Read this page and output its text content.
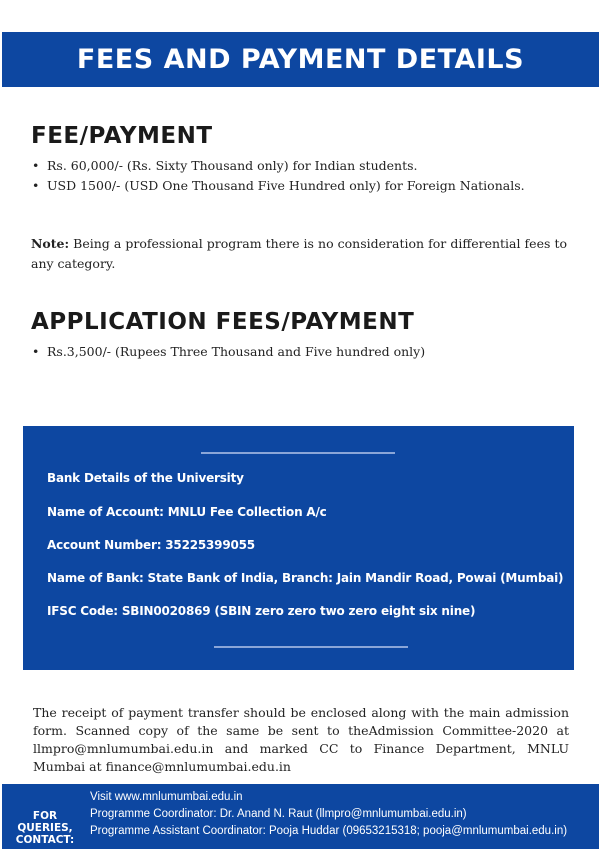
FEES AND PAYMENT DETAILS
FEE/PAYMENT
• Rs. 60,000/- (Rs. Sixty Thousand only) for Indian students.
• USD 1500/- (USD One Thousand Five Hundred only) for Foreign Nationals.

Note: Being a professional program there is no consideration for differential fees to any category.

APPLICATION FEES/PAYMENT
• Rs.3,500/- (Rupees Three Thousand and Five hundred only)

Bank Details of the University

Name of Account: MNLU Fee Collection A/c

Account Number: 35225399055

Name of Bank: State Bank of India, Branch: Jain Mandir Road, Powai (Mumbai)

IFSC Code: SBIN0020869 (SBIN zero zero two zero eight six nine)

The receipt of payment transfer should be enclosed along with the main admission form. Scanned copy of the same be sent to theAdmission Committee-2020 at llmpro@mnlumumbai.edu.in and marked CC to Finance Department, MNLU Mumbai at finance@mnlumumbai.edu.in

FOR QUERIES,
CONTACT:

Visit www.mnlumumbai.edu.in

Programme Coordinator: Dr. Anand N. Raut (llmpro@mnlumumbai.edu.in)

Programme Assistant Coordinator: Pooja Huddar (09653215318; pooja@mnlumumbai.edu.in)
